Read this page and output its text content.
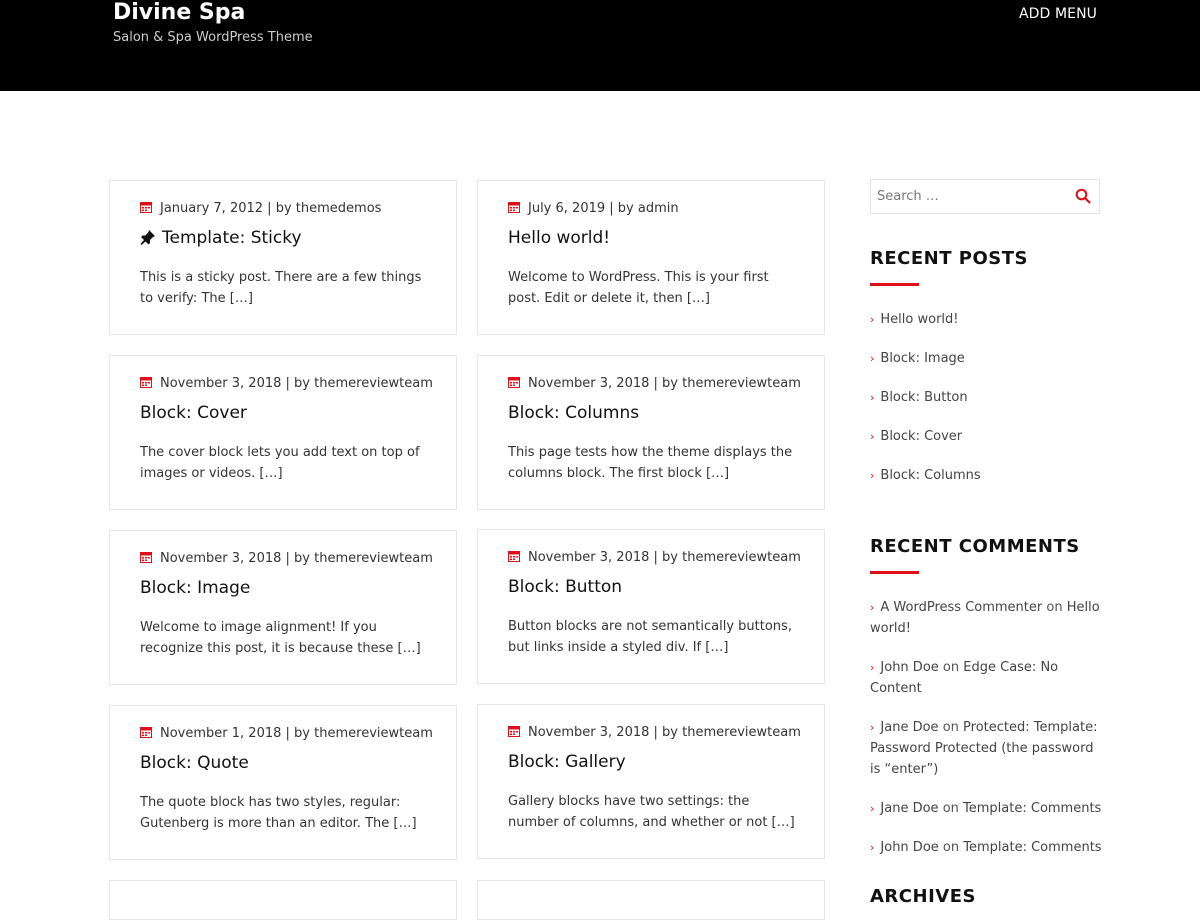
Divine Spa
Salon & Spa WordPress Theme
ADD MENU
January 7, 2012 | by themedemos
Template: Sticky
This is a sticky post. There are a few things to verify: The […]
July 6, 2019 | by admin
Hello world!
Welcome to WordPress. This is your first post. Edit or delete it, then […]
November 3, 2018 | by themereviewteam
Block: Cover
The cover block lets you add text on top of images or videos. […]
November 3, 2018 | by themereviewteam
Block: Columns
This page tests how the theme displays the columns block. The first block […]
November 3, 2018 | by themereviewteam
Block: Image
Welcome to image alignment! If you recognize this post, it is because these […]
November 3, 2018 | by themereviewteam
Block: Button
Button blocks are not semantically buttons, but links inside a styled div. If […]
November 1, 2018 | by themereviewteam
Block: Quote
The quote block has two styles, regular: Gutenberg is more than an editor. The […]
November 3, 2018 | by themereviewteam
Block: Gallery
Gallery blocks have two settings: the number of columns, and whether or not […]
Search …
RECENT POSTS
› Hello world!
› Block: Image
› Block: Button
› Block: Cover
› Block: Columns
RECENT COMMENTS
› A WordPress Commenter on Hello world!
› John Doe on Edge Case: No Content
› Jane Doe on Protected: Template: Password Protected (the password is “enter”)
› Jane Doe on Template: Comments
› John Doe on Template: Comments
ARCHIVES
